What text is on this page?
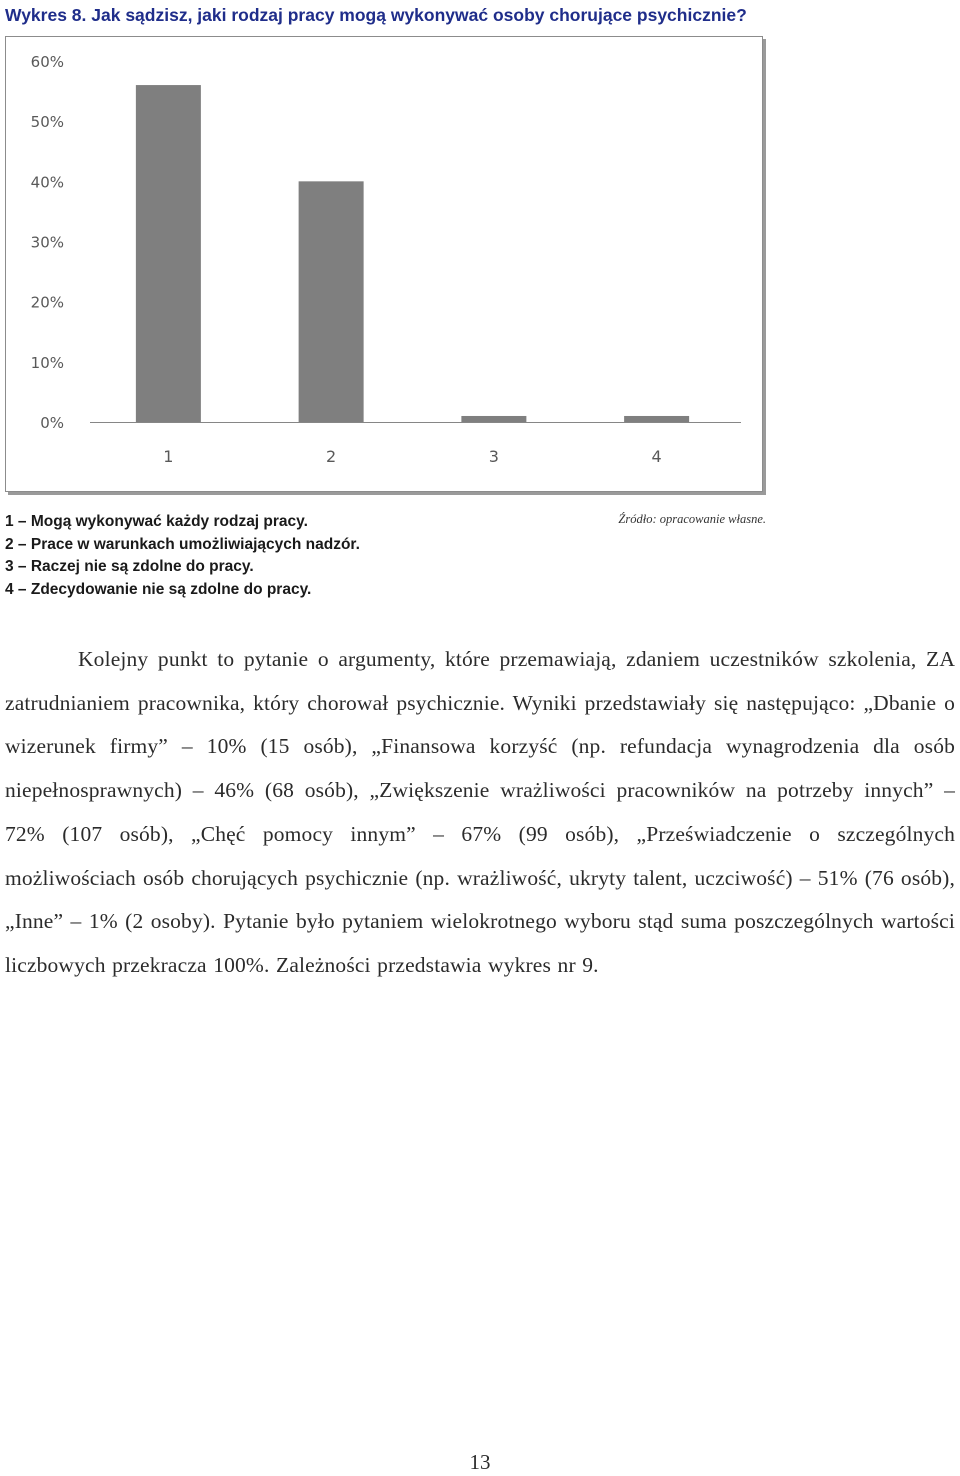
Wykres 8. Jak sądzisz, jaki rodzaj pracy mogą wykonywać osoby chorujące psychicznie?
0%
10%
20%
30%
40%
50%
60%
1	2	3	4
Źródło: opracowanie własne.
1 – Mogą wykonywać każdy rodzaj pracy.
2 – Prace w warunkach umożliwiających nadzór.
3 – Raczej nie są zdolne do pracy.
4 – Zdecydowanie nie są zdolne do pracy.

Kolejny punkt to pytanie o argumenty, które przemawiają, zdaniem uczestników szkolenia, ZA zatrudnianiem pracownika, który chorował psychicznie. Wyniki przedstawiały się następująco: „Dbanie o wizerunek firmy” – 10% (15 osób), „Finansowa korzyść (np. refundacja wynagrodzenia dla osób niepełnosprawnych) – 46% (68 osób), „Zwiększenie wrażliwości pracowników na potrzeby innych” – 72% (107 osób), „Chęć pomocy innym” – 67% (99 osób), „Przeświadczenie o szczególnych możliwościach osób chorujących psychicznie (np. wrażliwość, ukryty talent, uczciwość) – 51% (76 osób), „Inne” – 1% (2 osoby). Pytanie było pytaniem wielokrotnego wyboru stąd suma poszczególnych wartości liczbowych przekracza 100%. Zależności przedstawia wykres nr 9.

13
